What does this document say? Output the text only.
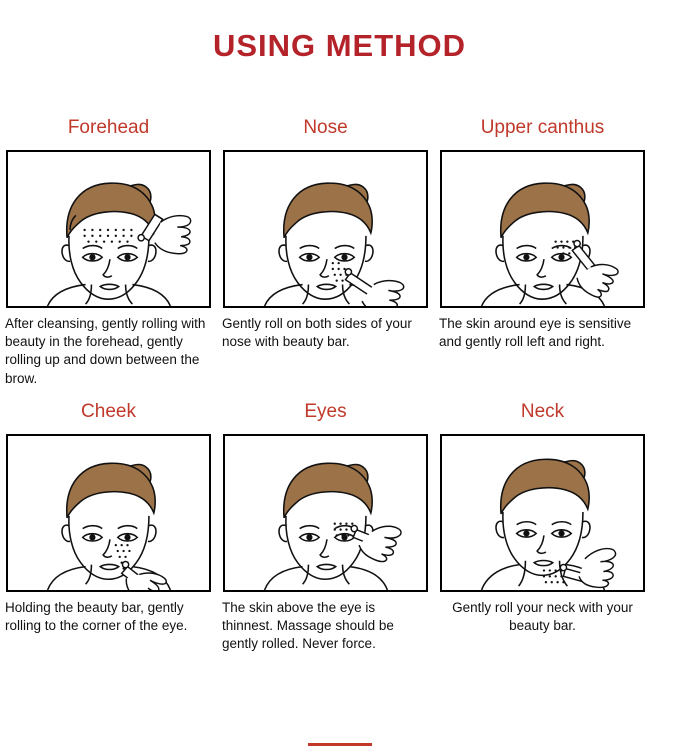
USING METHOD
Forehead
After cleansing, gently rolling with beauty in the forehead, gently rolling up and down between the brow.
Nose
Gently roll on both sides of your nose with beauty bar.
Upper canthus
The skin around eye is sensitive and gently roll left and right.
Cheek
Holding the beauty bar, gently rolling to the corner of the eye.
Eyes
The skin above the eye is thinnest. Massage should be gently rolled. Never force.
Neck
Gently roll your neck with your beauty bar.
